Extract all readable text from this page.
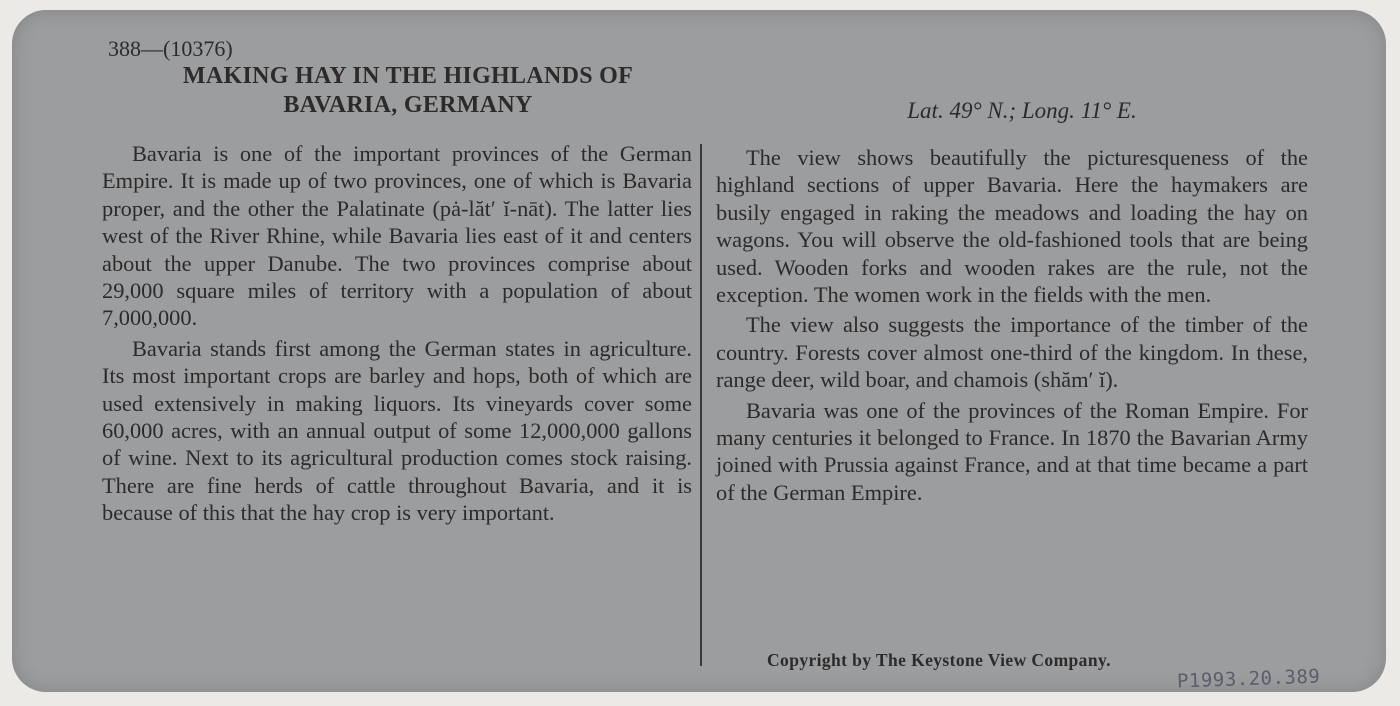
388—(10376)
MAKING HAY IN THE HIGHLANDS OF
BAVARIA, GERMANY	Lat. 49° N.; Long. 11° E.

Bavaria is one of the important provinces of the German Empire. It is made up of two provinces, one of which is Bavaria proper, and the other the Palatinate (pȧ-lăt′ ĭ-nāt). The latter lies west of the River Rhine, while Bavaria lies east of it and centers about the upper Danube. The two provinces comprise about 29,000 square miles of territory with a population of about 7,000,000.

Bavaria stands first among the German states in agriculture. Its most important crops are barley and hops, both of which are used extensively in making liquors. Its vineyards cover some 60,000 acres, with an annual output of some 12,000,000 gallons of wine. Next to its agricultural production comes stock raising. There are fine herds of cattle throughout Bavaria, and it is because of this that the hay crop is very important.

The view shows beautifully the picturesqueness of the highland sections of upper Bavaria. Here the haymakers are busily engaged in raking the meadows and loading the hay on wagons. You will observe the old-fashioned tools that are being used. Wooden forks and wooden rakes are the rule, not the exception. The women work in the fields with the men.

The view also suggests the importance of the timber of the country. Forests cover almost one-third of the kingdom. In these, range deer, wild boar, and chamois (shăm′ ĭ).

Bavaria was one of the provinces of the Roman Empire. For many centuries it belonged to France. In 1870 the Bavarian Army joined with Prussia against France, and at that time became a part of the German Empire.

Copyright by The Keystone View Company.
P1993.20.389
